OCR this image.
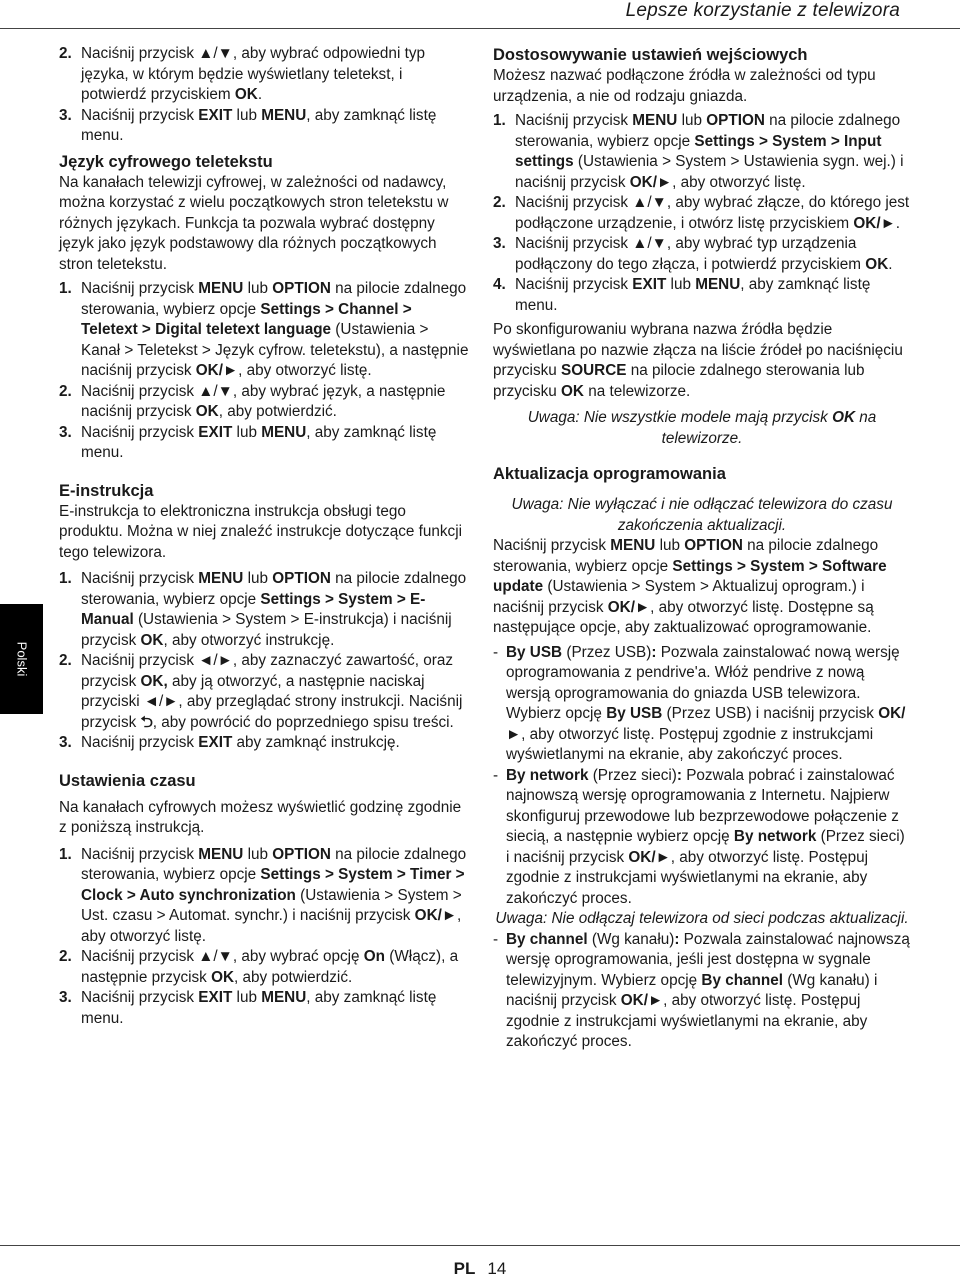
Lepsze korzystanie z telewizora
Polski
2. Naciśnij przycisk ▲/▼, aby wybrać odpowiedni typ języka, w którym będzie wyświetlany teletekst, i potwierdź przyciskiem OK.
3. Naciśnij przycisk EXIT lub MENU, aby zamknąć listę menu.
Język cyfrowego teletekstu

Na kanałach telewizji cyfrowej, w zależności od nadawcy, można korzystać z wielu początkowych stron teletekstu w różnych językach. Funkcja ta pozwala wybrać dostępny język jako język podstawowy dla różnych początkowych stron teletekstu.

1. Naciśnij przycisk MENU lub OPTION na pilocie zdalnego sterowania, wybierz opcje Settings > Channel > Teletext > Digital teletext language (Ustawienia > Kanał > Teletekst > Język cyfrow. teletekstu), a następnie naciśnij przycisk OK/►, aby otworzyć listę.
2. Naciśnij przycisk ▲/▼, aby wybrać język, a następnie naciśnij przycisk OK, aby potwierdzić.
3. Naciśnij przycisk EXIT lub MENU, aby zamknąć listę menu.
E-instrukcja

E-instrukcja to elektroniczna instrukcja obsługi tego produktu. Można w niej znaleźć instrukcje dotyczące funkcji tego telewizora.

1. Naciśnij przycisk MENU lub OPTION na pilocie zdalnego sterowania, wybierz opcje Settings > System > E-Manual (Ustawienia > System > E-instrukcja) i naciśnij przycisk OK, aby otworzyć instrukcję.
2. Naciśnij przycisk ◄/►, aby zaznaczyć zawartość, oraz przycisk OK, aby ją otworzyć, a następnie naciskaj przyciski ◄/►, aby przeglądać strony instrukcji. Naciśnij przycisk ⮌, aby powrócić do poprzedniego spisu treści.
3. Naciśnij przycisk EXIT aby zamknąć instrukcję.
Ustawienia czasu

Na kanałach cyfrowych możesz wyświetlić godzinę zgodnie z poniższą instrukcją.

1. Naciśnij przycisk MENU lub OPTION na pilocie zdalnego sterowania, wybierz opcje Settings > System > Timer > Clock > Auto synchronization (Ustawienia > System > Ust. czasu > Automat. synchr.) i naciśnij przycisk OK/►, aby otworzyć listę.
2. Naciśnij przycisk ▲/▼, aby wybrać opcję On (Włącz), a następnie przycisk OK, aby potwierdzić.
3. Naciśnij przycisk EXIT lub MENU, aby zamknąć listę menu.
Dostosowywanie ustawień wejściowych

Możesz nazwać podłączone źródła w zależności od typu urządzenia, a nie od rodzaju gniazda.

1. Naciśnij przycisk MENU lub OPTION na pilocie zdalnego sterowania, wybierz opcje Settings > System > Input settings (Ustawienia > System > Ustawienia sygn. wej.) i naciśnij przycisk OK/►, aby otworzyć listę.
2. Naciśnij przycisk ▲/▼, aby wybrać złącze, do którego jest podłączone urządzenie, i otwórz listę przyciskiem OK/►.
3. Naciśnij przycisk ▲/▼, aby wybrać typ urządzenia podłączony do tego złącza, i potwierdź przyciskiem OK.
4. Naciśnij przycisk EXIT lub MENU, aby zamknąć listę menu.

Po skonfigurowaniu wybrana nazwa źródła będzie wyświetlana po nazwie złącza na liście źródeł po naciśnięciu przycisku SOURCE na pilocie zdalnego sterowania lub przycisku OK na telewizorze.

Uwaga: Nie wszystkie modele mają przycisk OK na telewizorze.

Aktualizacja oprogramowania

Uwaga: Nie wyłączać i nie odłączać telewizora do czasu zakończenia aktualizacji.

Naciśnij przycisk MENU lub OPTION na pilocie zdalnego sterowania, wybierz opcje Settings > System > Software update (Ustawienia > System > Aktualizuj oprogram.) i naciśnij przycisk OK/►, aby otworzyć listę. Dostępne są następujące opcje, aby zaktualizować oprogramowanie.

- By USB (Przez USB): Pozwala zainstalować nową wersję oprogramowania z pendrive'a. Włóż pendrive z nową wersją oprogramowania do gniazda USB telewizora. Wybierz opcję By USB (Przez USB) i naciśnij przycisk OK/►, aby otworzyć listę. Postępuj zgodnie z instrukcjami wyświetlanymi na ekranie, aby zakończyć proces.
- By network (Przez sieci): Pozwala pobrać i zainstalować najnowszą wersję oprogramowania z Internetu. Najpierw skonfiguruj przewodowe lub bezprzewodowe połączenie z siecią, a następnie wybierz opcję By network (Przez sieci) i naciśnij przycisk OK/►, aby otworzyć listę. Postępuj zgodnie z instrukcjami wyświetlanymi na ekranie, aby zakończyć proces.

Uwaga: Nie odłączaj telewizora od sieci podczas aktualizacji.

- By channel (Wg kanału): Pozwala zainstalować najnowszą wersję oprogramowania, jeśli jest dostępna w sygnale telewizyjnym. Wybierz opcję By channel (Wg kanału) i naciśnij przycisk OK/►, aby otworzyć listę. Postępuj zgodnie z instrukcjami wyświetlanymi na ekranie, aby zakończyć proces.
PL 14
